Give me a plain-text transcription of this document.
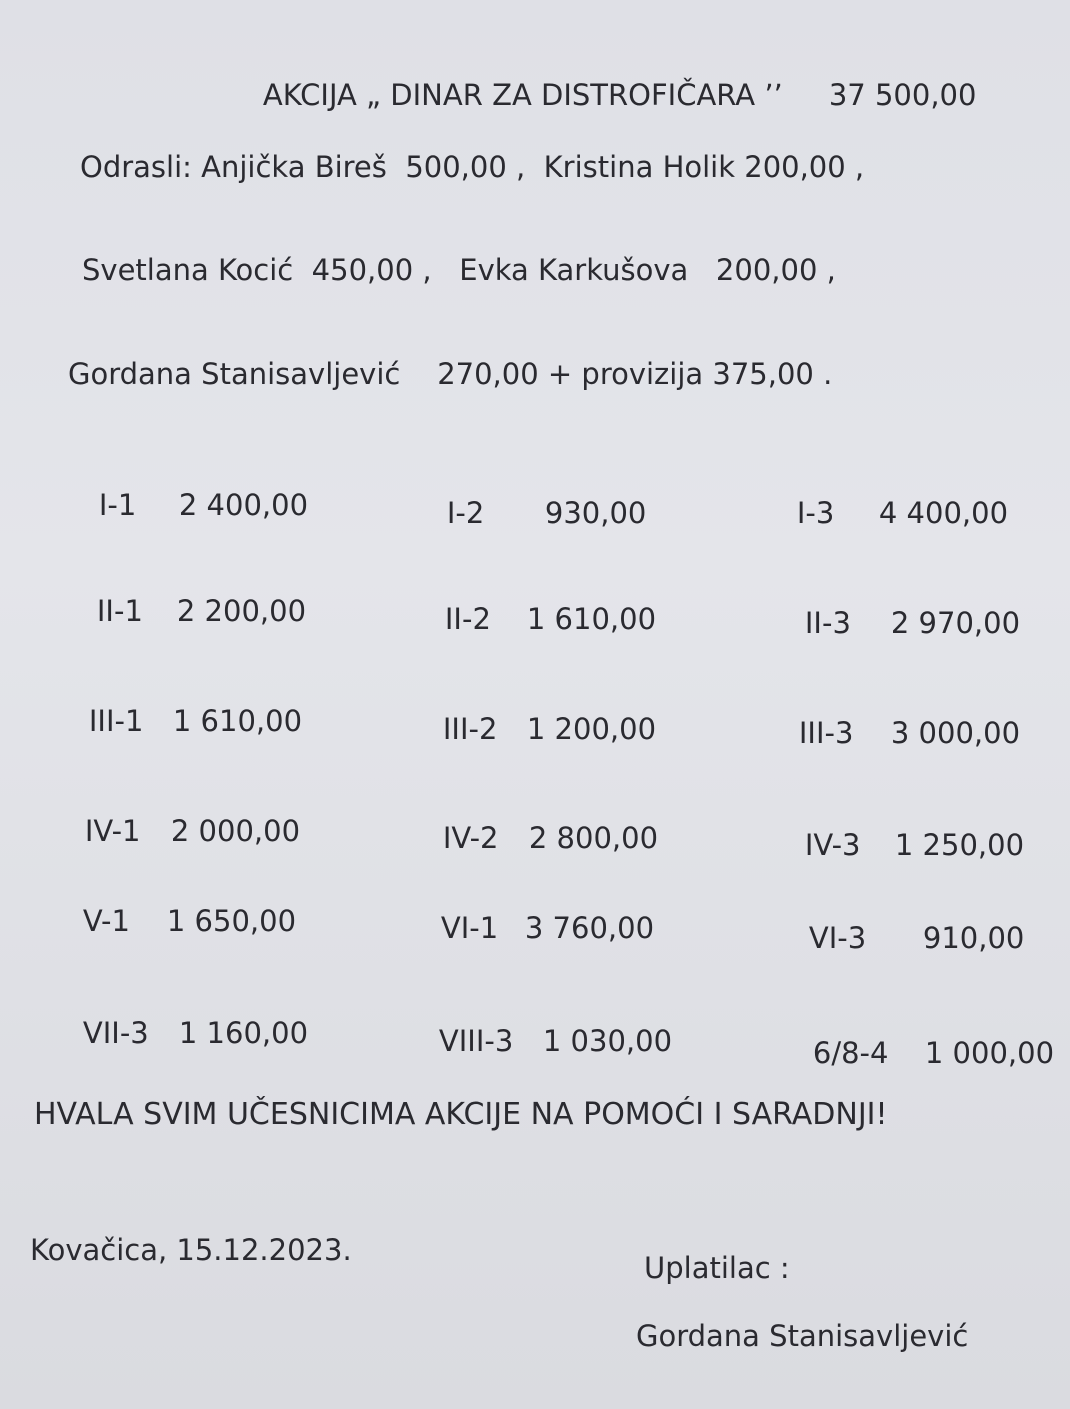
AKCIJA „ DINAR ZA DISTROFIČARA ’’ 37 500,00

Odrasli: Anjička Bireš  500,00 ,  Kristina Holik 200,00 ,
Svetlana Kocić  450,00 ,   Evka Karkušova   200,00 ,
Gordana Stanisavljević    270,00 + provizija 375,00 .

I-1 2 400,00
	I-2 930,00
	I-3 4 400,00

II-1 2 200,00
	II-2 1 610,00
	II-3 2 970,00

III-1 1 610,00
	III-2 1 200,00
	III-3 3 000,00

IV-1 2 000,00
	IV-2 2 800,00
	IV-3 1 250,00

V-1 1 650,00
	VI-1 3 760,00
	VI-3 910,00

VII-3 1 160,00
	VIII-3 1 030,00
	6/8-4 1 000,00

HVALA SVIM UČESNICIMA AKCIJE NA POMOĆI I SARADNJI!
Kovačica, 15.12.2023.
Uplatilac :
Gordana Stanisavljević
